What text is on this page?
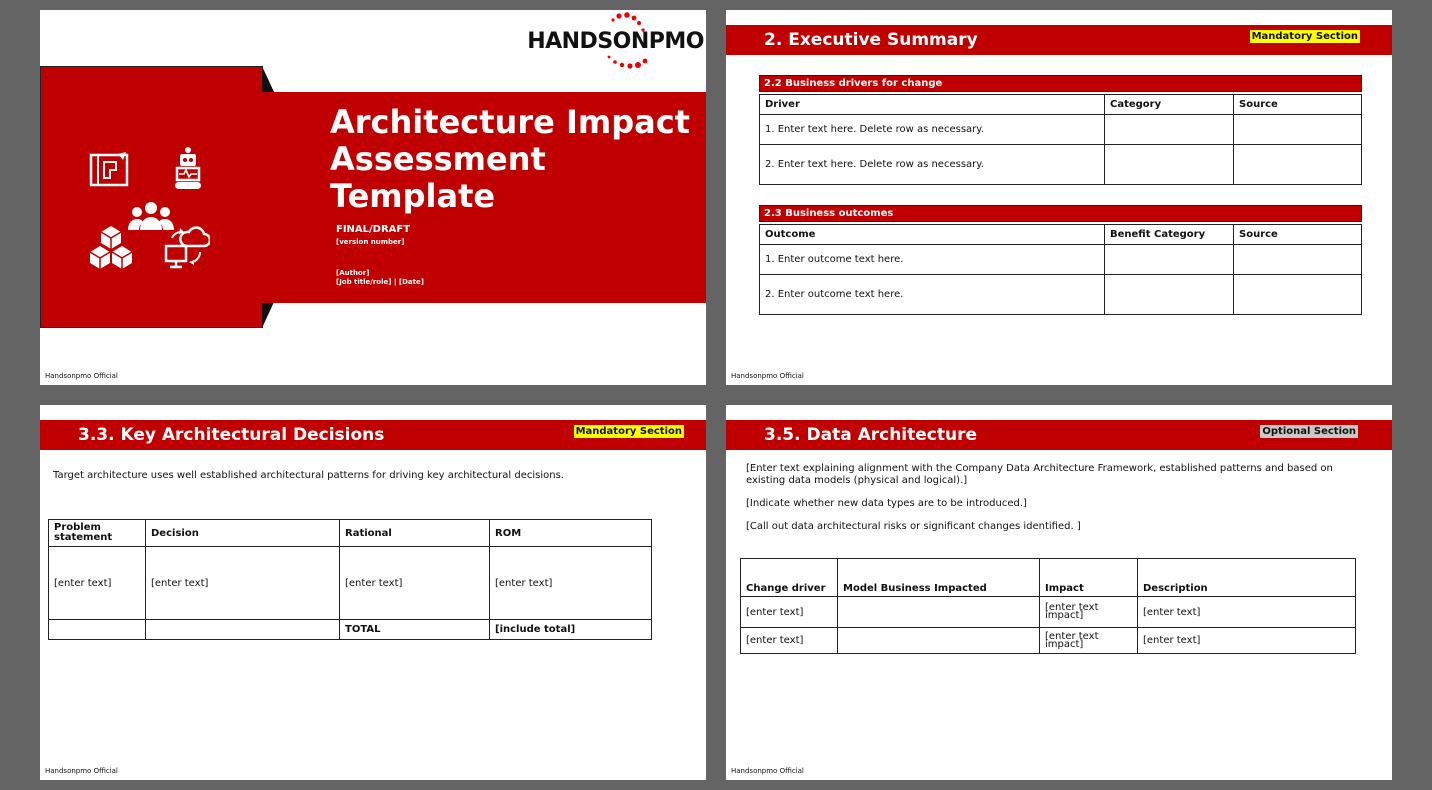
HANDSONPMO
Architecture Impact Assessment Template
FINAL/DRAFT
[version number]
[Author]
[Job title/role] | [Date]
Handsonpmo Official
2. Executive Summary	Mandatory Section
2.2 Business drivers for change
Driver	Category	Source
1. Enter text here. Delete row as necessary.		
2. Enter text here. Delete row as necessary.		
2.3 Business outcomes
Outcome	Benefit Category	Source
1. Enter outcome text here.		
2. Enter outcome text here.		
Handsonpmo Official
3.3. Key Architectural Decisions	Mandatory Section
Target architecture uses well established architectural patterns for driving key architectural decisions.
Problem statement	Decision	Rational	ROM
[enter text]	[enter text]	[enter text]	[enter text]
		TOTAL	[include total]
Handsonpmo Official
3.5. Data Architecture	Optional Section
[Enter text explaining alignment with the Company Data Architecture Framework, established patterns and based on existing data models (physical and logical).]
[Indicate whether new data types are to be introduced.]
[Call out data architectural risks or significant changes identified. ]
Change driver	Model Business Impacted	Impact	Description
[enter text]		[enter text impact]	[enter text]
[enter text]		[enter text impact]	[enter text]
Handsonpmo Official
